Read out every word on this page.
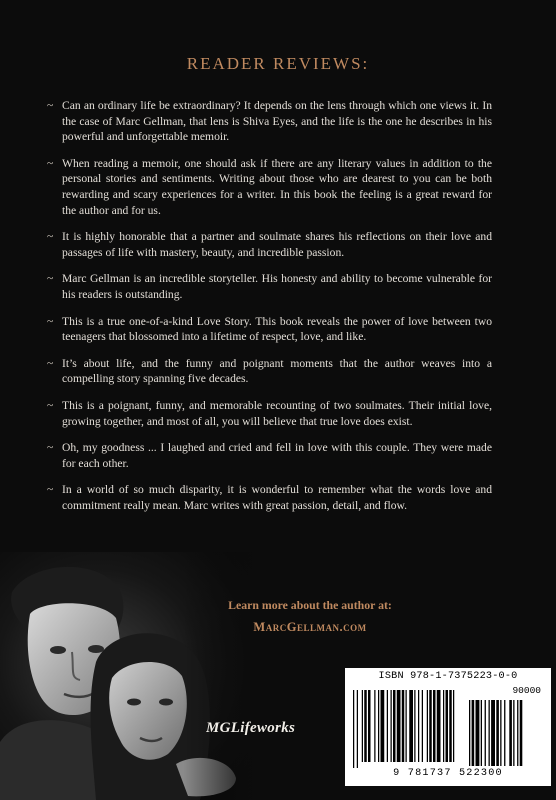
READER REVIEWS:
~ Can an ordinary life be extraordinary? It depends on the lens through which one views it. In the case of Marc Gellman, that lens is Shiva Eyes, and the life is the one he describes in his powerful and unforgettable memoir.
~ When reading a memoir, one should ask if there are any literary values in addition to the personal stories and sentiments. Writing about those who are dearest to you can be both rewarding and scary experiences for a writer. In this book the feeling is a great reward for the author and for us.
~ It is highly honorable that a partner and soulmate shares his reflections on their love and passages of life with mastery, beauty, and incredible passion.
~ Marc Gellman is an incredible storyteller. His honesty and ability to become vulnerable for his readers is outstanding.
~ This is a true one-of-a-kind Love Story. This book reveals the power of love between two teenagers that blossomed into a lifetime of respect, love, and like.
~ It’s about life, and the funny and poignant moments that the author weaves into a compelling story spanning five decades.
~ This is a poignant, funny, and memorable recounting of two soulmates. Their initial love, growing together, and most of all, you will believe that true love does exist.
~ Oh, my goodness ... I laughed and cried and fell in love with this couple. They were made for each other.
~ In a world of so much disparity, it is wonderful to remember what the words love and commitment really mean. Marc writes with great passion, detail, and flow.
Learn more about the author at:
MarcGellman.com
MGLifeworks
ISBN 978-1-7375223-0-0
90000
9 781737 522300
